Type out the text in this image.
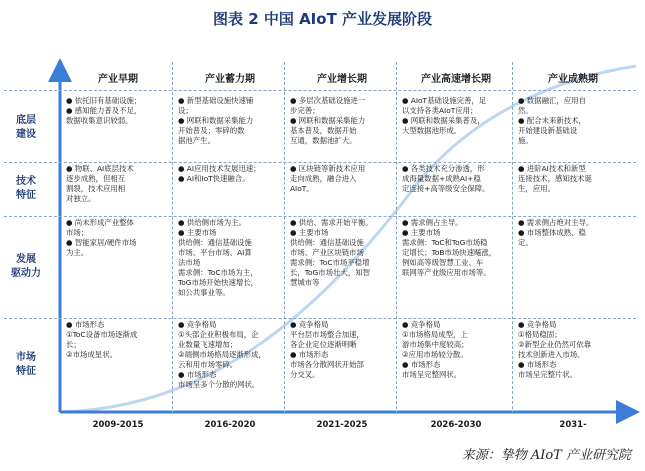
图表 2 中国 AIoT 产业发展阶段
底层
建设
技术
特征
发展
驱动力
市场
特征
产业早期
2009-2015
● 依托旧有基础设施；
● 感知能力普及不足，
数据收集意识较弱。
● 物联、AI底层技术
逐步成熟，但相互
割裂，技术应用相
对独立。
● 尚未形成产业整体
市场；
● 智能家居/硬件市场
为主。
● 市场形态
①ToC设备市场逐渐成
长；
②市场成星状。
产业蓄力期
2016-2020
● 新型基础设施快速铺
设；
● 网联和数据采集能力
开始普及；零碎的数
据池产生。
● AI应用技术发展迅速；
● AI和IoT快速融合。
● 供给侧市场为主。
● 主要市场
供给侧：通信基础设施
市场、平台市场、AI算
法市场
需求侧：ToC市场为主，
ToG市场开始快速增长，
如公共事业等。
● 竞争格局
①头部企业积极布局，企
业数量飞速增加；
②端侧市场格局逐渐形成，
云和用市场零碎。
● 市场形态
市场呈多个分散的网状。
产业增长期
2021-2025
● 多层次基础设施进一
步完善；
● 网联和数据采集能力
基本普及，数据开始
互通，数据池扩大。
● 区块链等新技术应用
走向成熟，融合进入
AIoT。
● 供给、需求开始平衡。
● 主要市场
供给侧：通信基础设施
市场、产业区块链市场
需求侧：ToC市场平稳增
长，ToG市场壮大，知智
慧城市等
● 竞争格局
平台层市场整合加速，
各企业定位逐渐明晰
● 市场形态
市场各分散网状开始部
分交叉。
产业高速增长期
2026-2030
● AIoT基础设施完善，足
以支持各类AIoT应用；
● 网联和数据采集普及，
大型数据池形成。
● 各类技术充分渗透，形
成海量数据+成熟AI+稳
定连接+高等级安全保障。
● 需求侧占主导。
● 主要市场
需求侧：ToC和ToG市场稳
定增长；ToB市场快速飚涨，
例如高等级智慧工业、车
联网等产业级应用市场等。
● 竞争格局
①市场格局成型，上
游市场集中度较高；
②应用市场较分散。
● 市场形态
市场呈完整网状。
产业成熟期
2031-
● 数据融汇，应用自
然。
● 配合未来新技术，
开始建设新基础设
施。
● 进阶AI技术和新型
连接技术，感知技术诞
生，应用。
● 需求侧占绝对主导。
● 市场整体成熟、稳
定。
● 竞争格局
①格局稳固；
②新型企业仍然可依靠
技术创新进入市场。
● 市场形态
市场呈完整片状。
来源：挚物 AIoT 产业研究院
